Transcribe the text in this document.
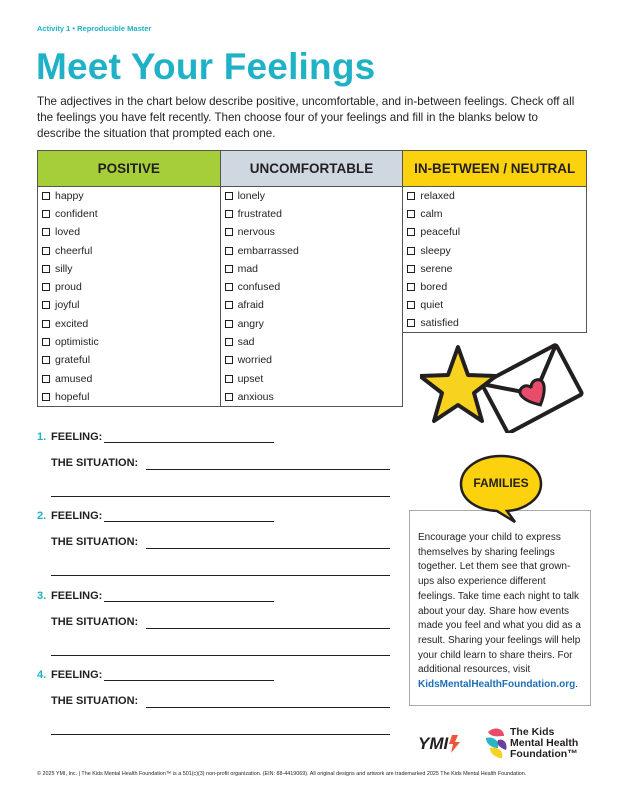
Activity 1 • Reproducible Master
Meet Your Feelings
The adjectives in the chart below describe positive, uncomfortable, and in-between feelings. Check off all the feelings you have felt recently. Then choose four of your feelings and fill in the blanks below to describe the situation that prompted each one.
POSITIVE	UNCOMFORTABLE	IN-BETWEEN / NEUTRAL
happy	lonely	relaxed
confident	frustrated	calm
loved	nervous	peaceful
cheerful	embarrassed	sleepy
silly	mad	serene
proud	confused	bored
joyful	afraid	quiet
excited	angry	satisfied
optimistic	sad	
grateful	worried	
amused	upset	
hopeful	anxious	
1. FEELING:
THE SITUATION:
2. FEELING:
THE SITUATION:
3. FEELING:
THE SITUATION:
4. FEELING:
THE SITUATION:
Encourage your child to express themselves by sharing feelings together. Let them see that grown-ups also experience different feelings. Take time each night to talk about your day. Share how events made you feel and what you did as a result. Sharing your feelings will help your child learn to share theirs. For additional resources, visit KidsMentalHealthFoundation.org.
FAMILIES
YMI
The Kids
Mental Health
Foundation™
© 2025 YMI, Inc. | The Kids Mental Health Foundation™ is a 501(c)(3) non-profit organization. (EIN: 88-4419069). All original designs and artwork are trademarked 2025 The Kids Mental Health Foundation.
